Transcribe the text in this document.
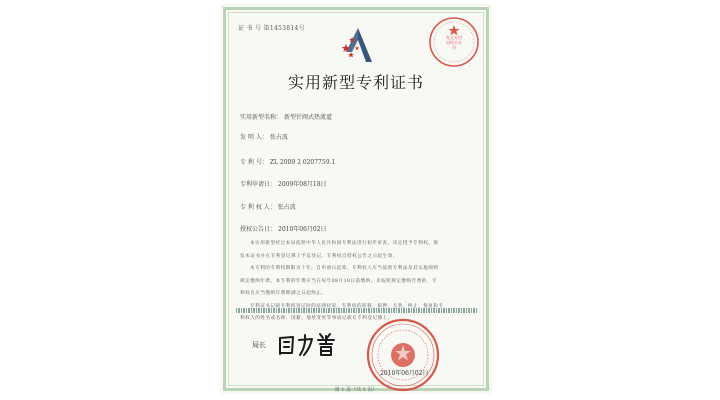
证 书 号 第1453814号
发文专用 局机关专用
实用新型专利证书
实用新型名称： 新型针阀式热流道
发 明 人： 张占波
专 利 号： ZL 2009 2 0207759.1
专利申请日： 2009年08月18日
专 利 权 人： 张占波
授权公告日： 2010年06月02日
本实用新型经过本局依照中华人民共和国专利法进行初步审查，决定授予专利权，颁
发本证书并在专利登记簿上予以登记。专利权自授权公告之日起生效。
本专利的专利权期限为十年，自申请日起算。专利权人应当依照专利法及其实施细则
规定缴纳年费。本专利的年费应当在每年08月18日前缴纳。未按照规定缴纳年费的，专
利权自应当缴纳年费期满之日起终止。
专利证书记载专利权登记时的法律状况。专利权的转移、质押、无效、终止、恢复和专
利权人的姓名或名称、国籍、地址变更等事项记载在专利登记簿上。
局长
2010年06月02日
第 1 页（共 1 页）
